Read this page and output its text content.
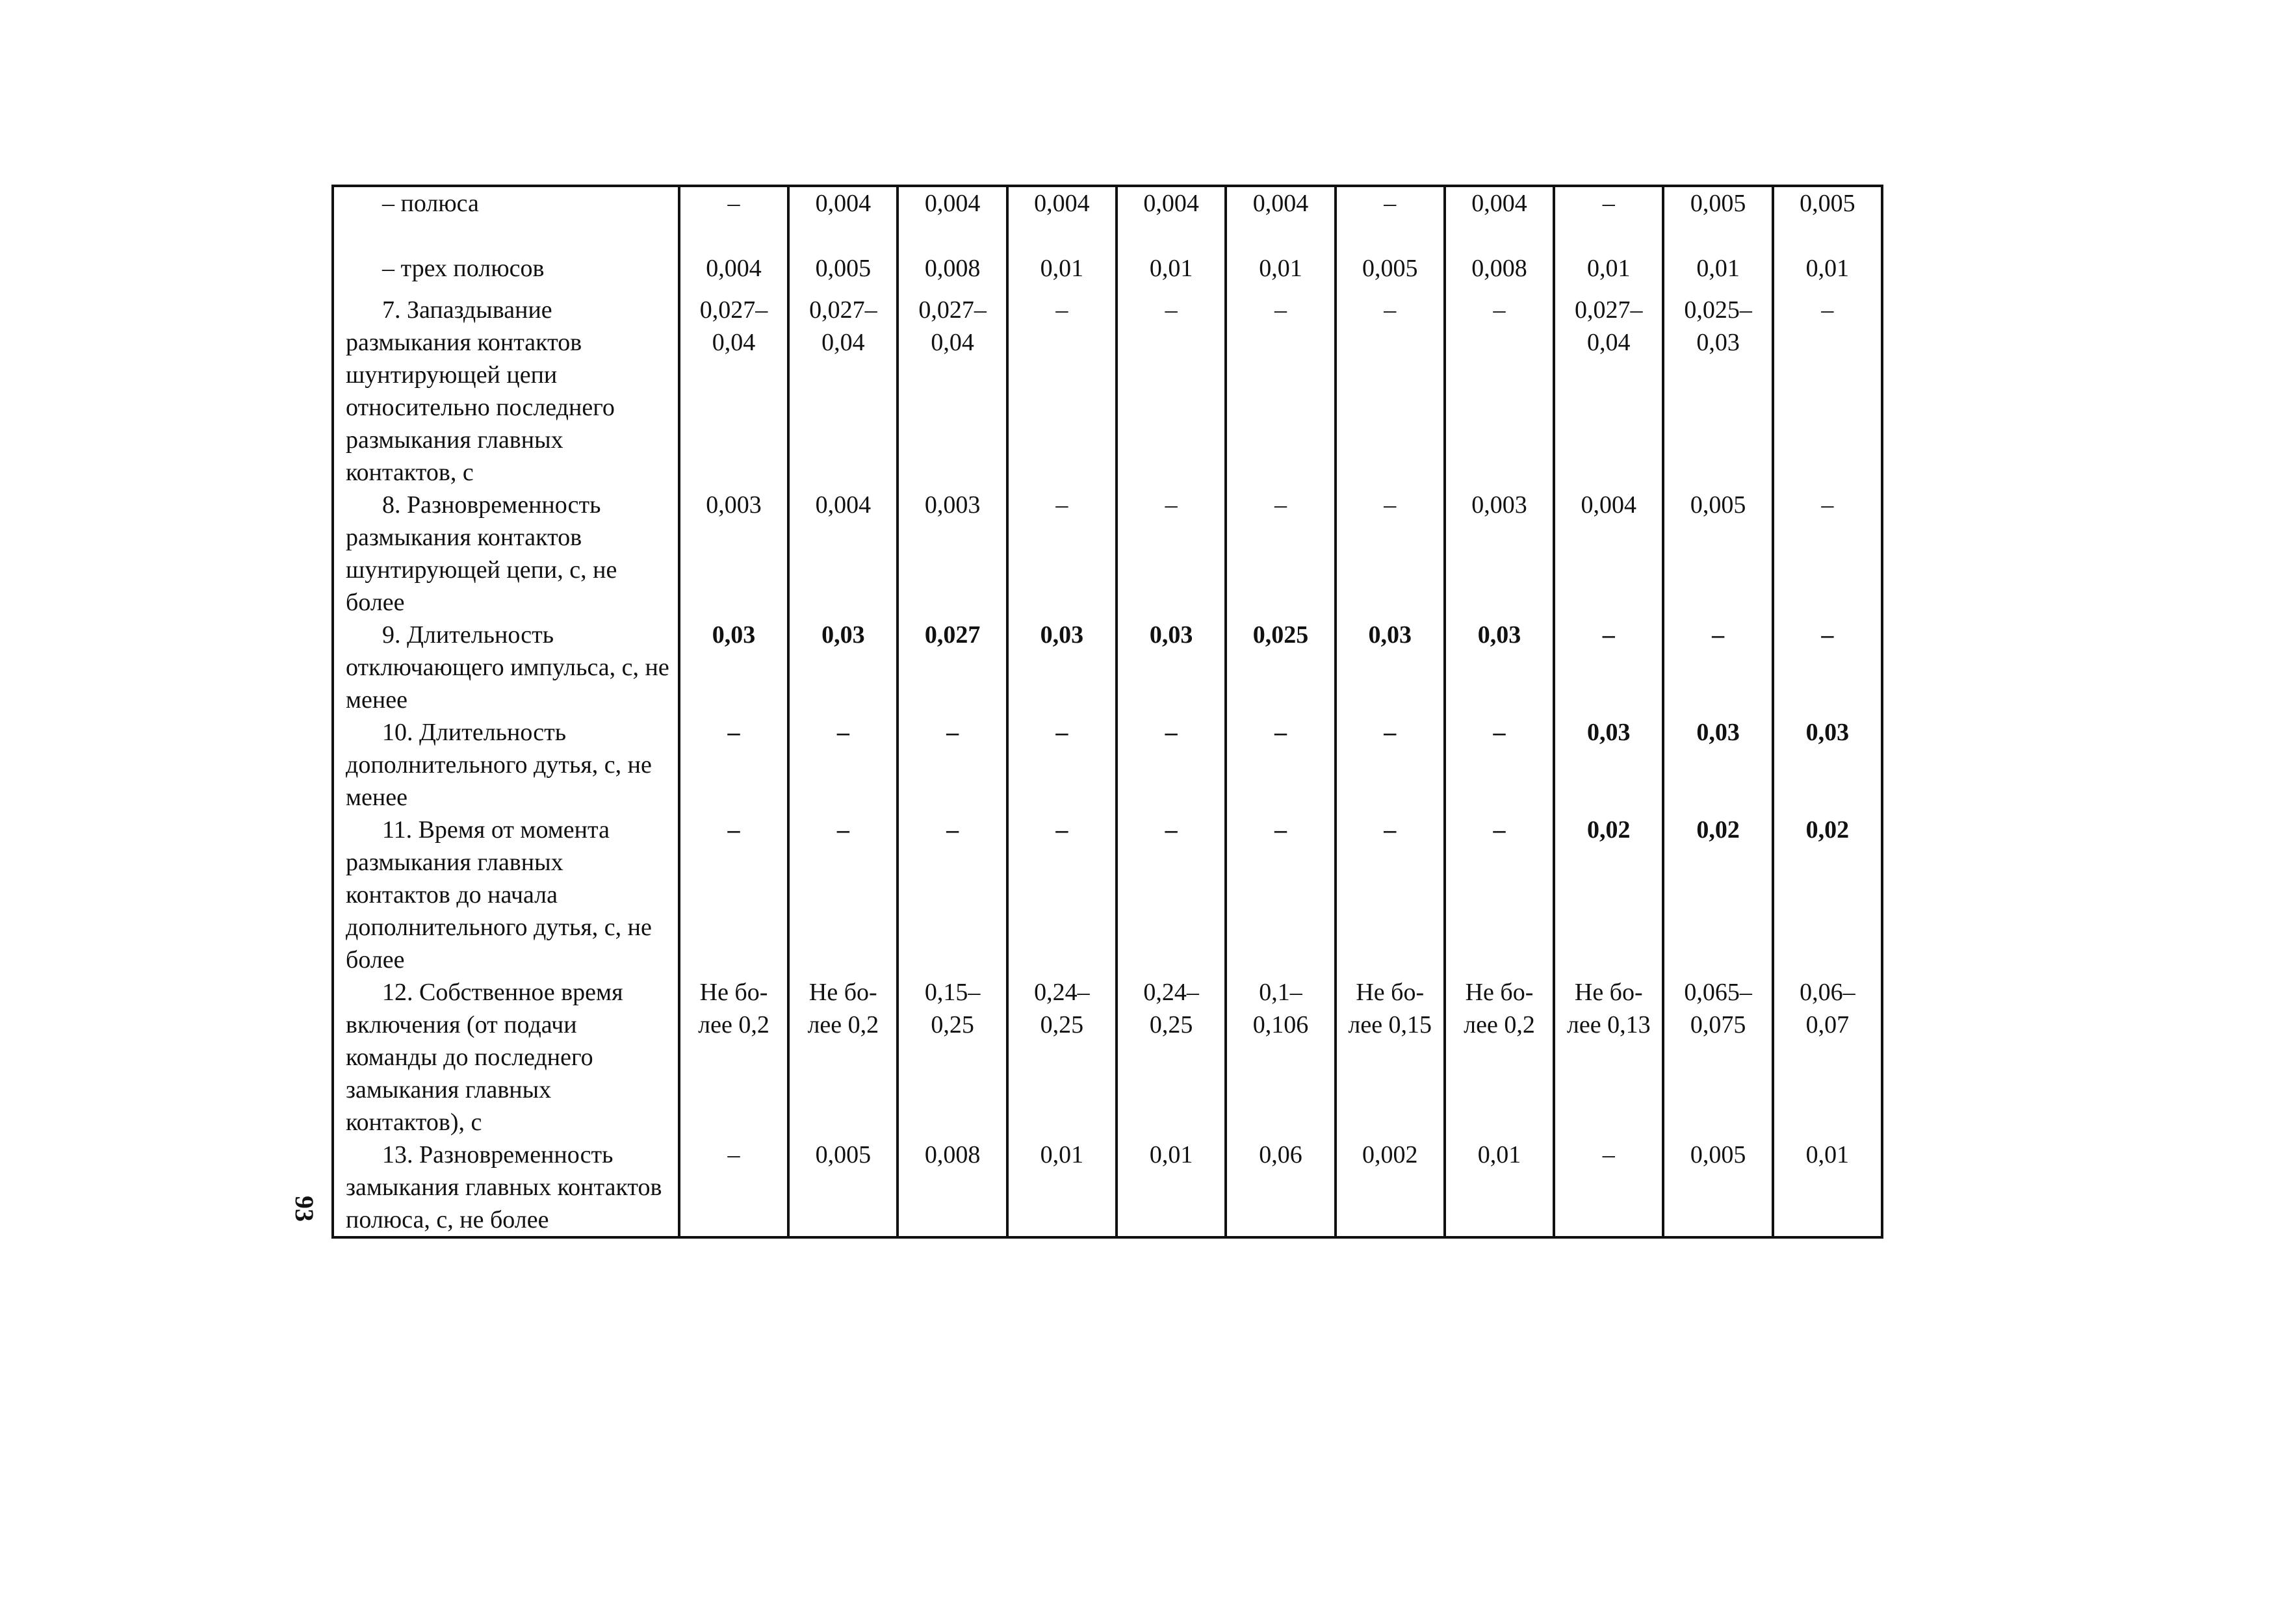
93
– полюса	–	0,004	0,004	0,004	0,004	0,004	–	0,004	–	0,005	0,005

– трех полюсов	0,004	0,005	0,008	0,01	0,01	0,01	0,005	0,008	0,01	0,01	0,01

7. Запаздывание размыкания контактов шунтирующей цепи относительно последнего размыкания главных контактов, с	0,027–
0,04	0,027–
0,04	0,027–
0,04	–	–	–	–	–	0,027–
0,04	0,025–
0,03	–

8. Разновременность размыкания контактов шунтирующей цепи, с, не более	0,003	0,004	0,003	–	–	–	–	0,003	0,004	0,005	–

9. Длительность отключающего импульса, с, не менее	0,03	0,03	0,027	0,03	0,03	0,025	0,03	0,03	–	–	–

10. Длительность дополнительного дутья, с, не менее	–	–	–	–	–	–	–	–	0,03	0,03	0,03

11. Время от момента размыкания главных контактов до начала дополнительного дутья, с, не более	–	–	–	–	–	–	–	–	0,02	0,02	0,02

12. Собственное время включения (от подачи команды до последнего замыкания главных контактов), с	Не бо-
лее 0,2	Не бо-
лее 0,2	0,15–
0,25	0,24–
0,25	0,24–
0,25	0,1–
0,106	Не бо-
лее 0,15	Не бо-
лее 0,2	Не бо-
лее 0,13	0,065–
0,075	0,06–
0,07

13. Разновременность замыкания главных контактов полюса, с, не более	–	0,005	0,008	0,01	0,01	0,06	0,002	0,01	–	0,005	0,01
